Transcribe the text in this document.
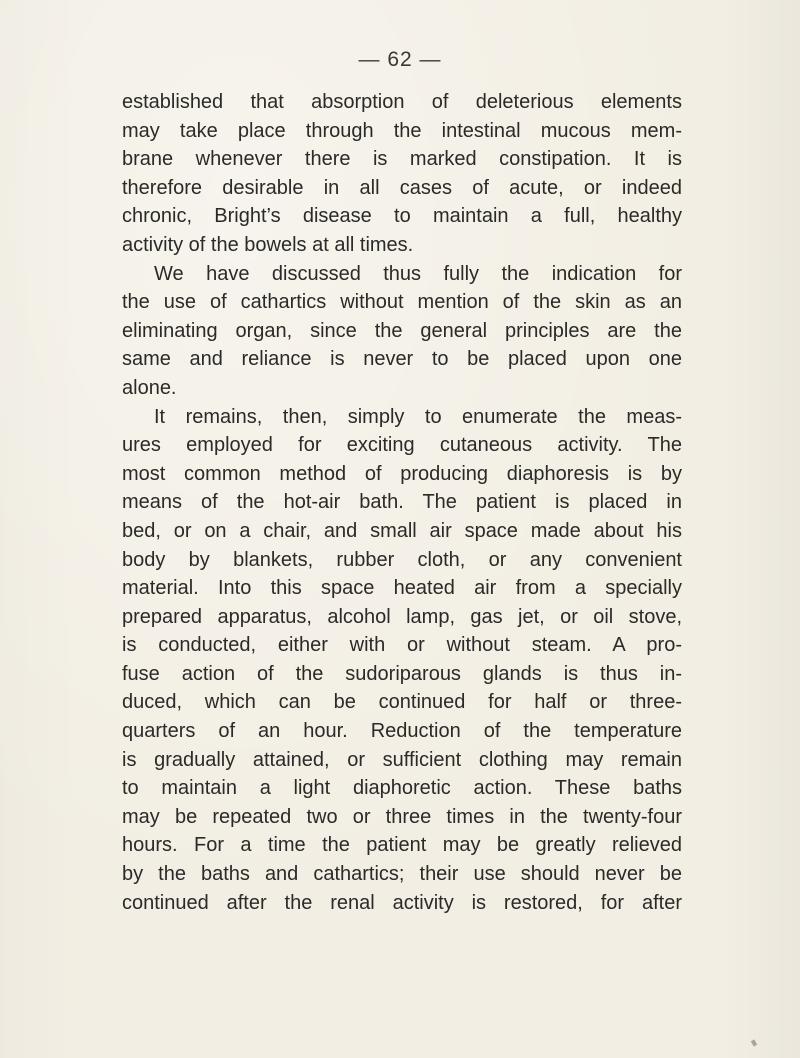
— 62 —
established that absorption of deleterious elements
may take place through the intestinal mucous mem-
brane whenever there is marked constipation. It is
therefore desirable in all cases of acute, or indeed
chronic, Bright’s disease to maintain a full, healthy
activity of the bowels at all times.
We have discussed thus fully the indication for
the use of cathartics without mention of the skin as an
eliminating organ, since the general principles are the
same and reliance is never to be placed upon one
alone.
It remains, then, simply to enumerate the meas-
ures employed for exciting cutaneous activity. The
most common method of producing diaphoresis is by
means of the hot-air bath. The patient is placed in
bed, or on a chair, and small air space made about his
body by blankets, rubber cloth, or any convenient
material. Into this space heated air from a specially
prepared apparatus, alcohol lamp, gas jet, or oil stove,
is conducted, either with or without steam. A pro-
fuse action of the sudoriparous glands is thus in-
duced, which can be continued for half or three-
quarters of an hour. Reduction of the temperature
is gradually attained, or sufficient clothing may remain
to maintain a light diaphoretic action. These baths
may be repeated two or three times in the twenty-four
hours. For a time the patient may be greatly relieved
by the baths and cathartics; their use should never be
continued after the renal activity is restored, for after
